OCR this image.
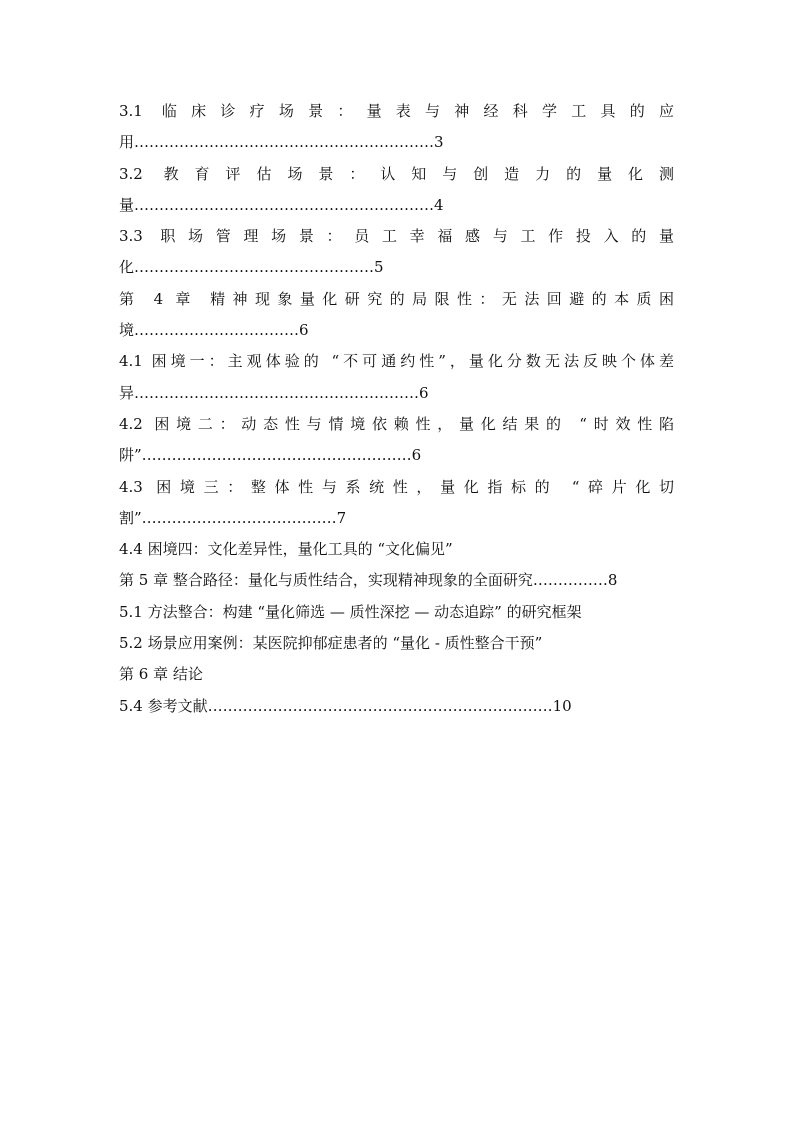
3.1 临床诊疗场景：量表与神经科学工具的应
用……………………………………………………3
3.2 教育评估场景：认知与创造力的量化测
量……………………………………………………4
3.3 职场管理场景：员工幸福感与工作投入的量
化…………………………………………5
第 4 章 精神现象量化研究的局限性：无法回避的本质困
境……………………………6
4.1 困境一：主观体验的 “不可通约性”，量化分数无法反映个体差
异…………………………………………………6
4.2 困境二：动态性与情境依赖性，量化结果的 “时效性陷
阱”………………………………………………6
4.3 困境三：整体性与系统性，量化指标的 “碎片化切
割”…………………………………7
4.4 困境四：文化差异性，量化工具的 “文化偏见”
第 5 章 整合路径：量化与质性结合，实现精神现象的全面研究……………8
5.1 方法整合：构建 “量化筛选 — 质性深挖 — 动态追踪” 的研究框架
5.2 场景应用案例：某医院抑郁症患者的 “量化 - 质性整合干预”
第 6 章 结论
5.4 参考文献……………………………………………………………10
